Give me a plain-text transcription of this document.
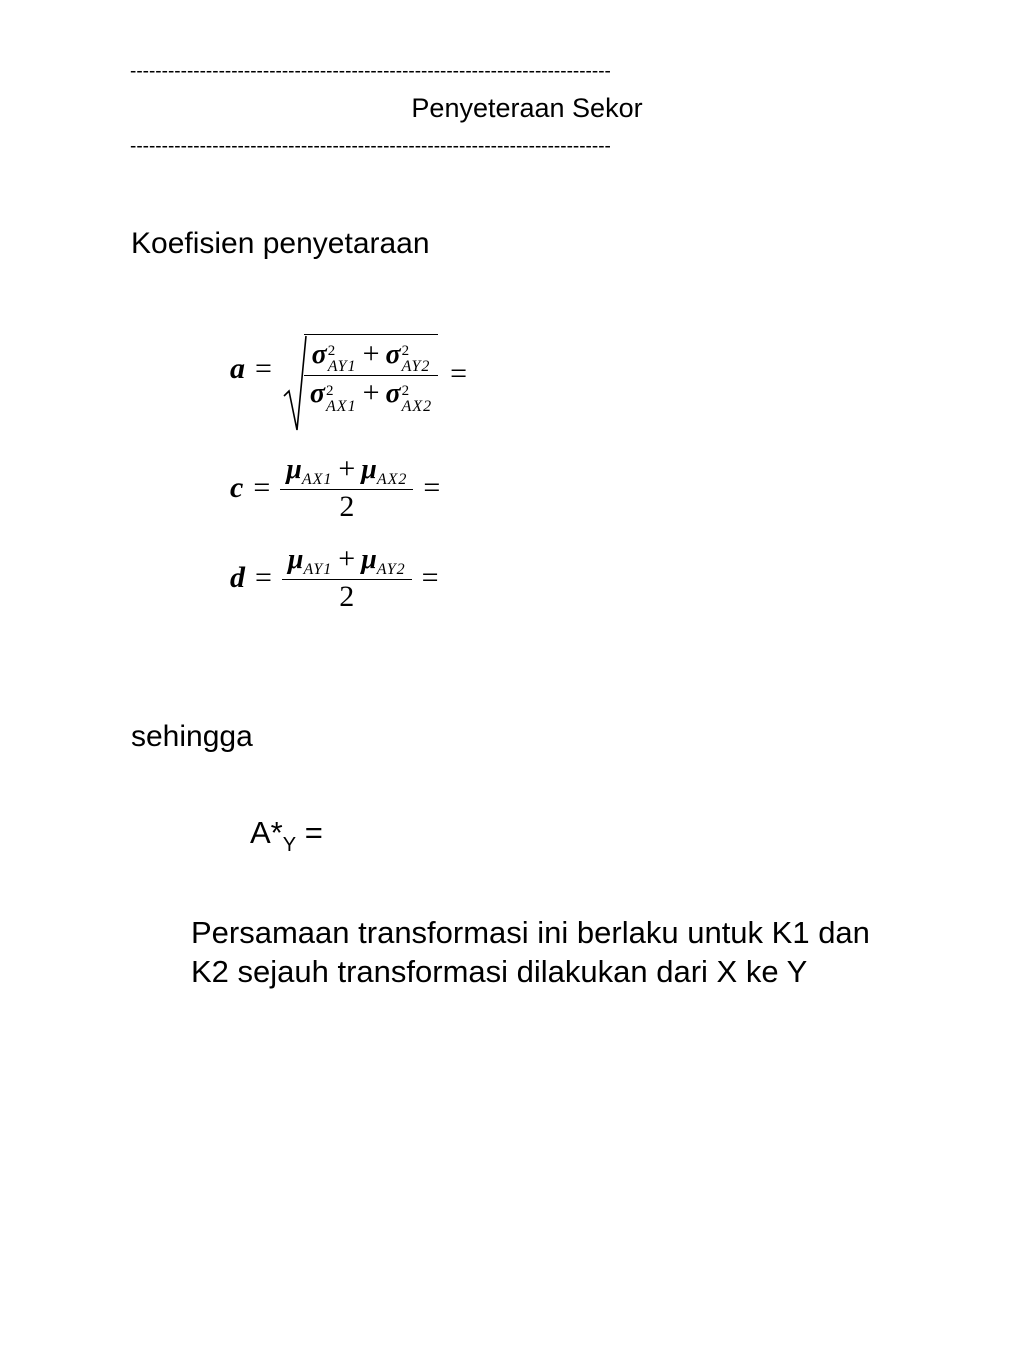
----------------------------------------------------------------------------
Penyeteraan Sekor
----------------------------------------------------------------------------
Koefisien penyetaraan
a = σ 2
AY1 + σ 2
AY2
σ 2
AX1 + σ 2
AX2 =
$c = \frac{\text{μAX1 + μAX2}}{2}$ =
$d = \frac{\text{μAY1 + μAY2}}{2}$ =
sehingga
$A*_Y$ =
Persamaan transformasi ini berlaku untuk K1 dan
K2 sejauh transformasi dilakukan dari X ke Y
